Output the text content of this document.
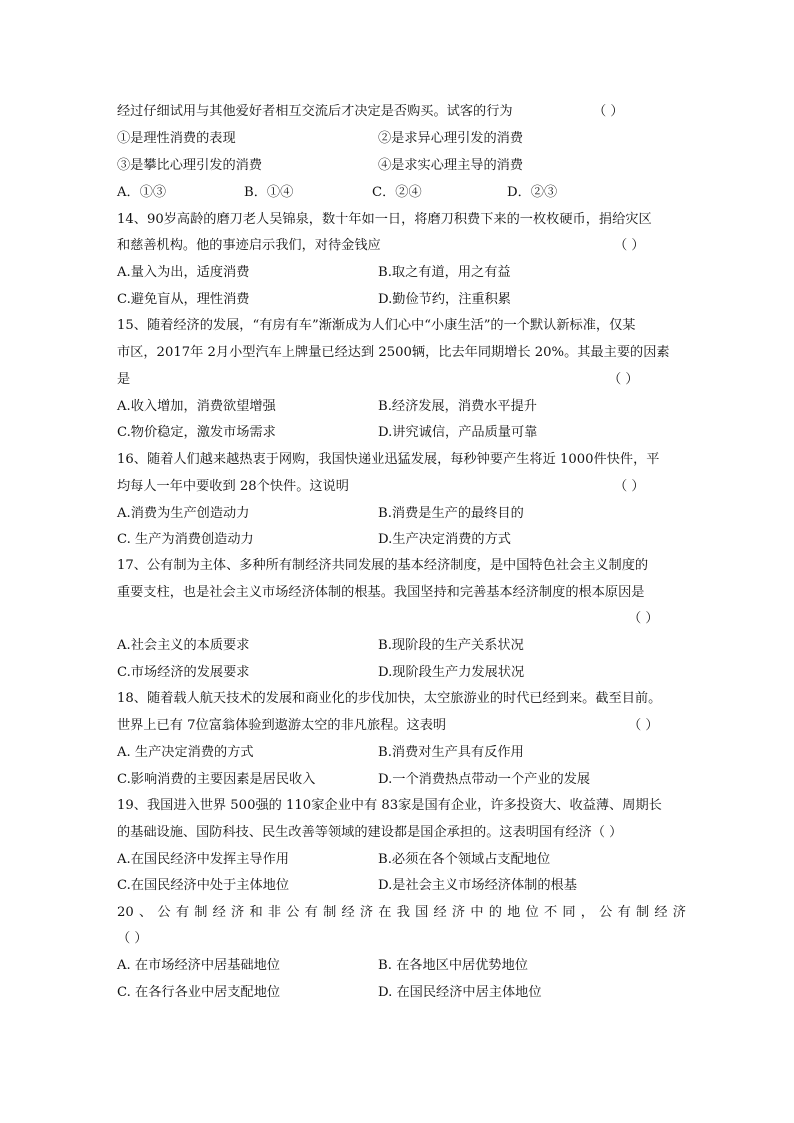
经过仔细试用与其他爱好者相互交流后才决定是否购买。试客的行为	（ ）
①是理性消费的表现	②是求异心理引发的消费
③是攀比心理引发的消费	④是求实心理主导的消费
A．①③	B．①④	C．②④	D．②③
14、90岁高龄的磨刀老人吴锦泉，数十年如一日，将磨刀积费下来的一枚枚硬币，捐给灾区
和慈善机构。他的事迹启示我们，对待金钱应	（ ）
A.量入为出，适度消费	B.取之有道，用之有益
C.避免盲从，理性消费	D.勤俭节约，注重积累
15、随着经济的发展，“有房有车”渐渐成为人们心中“小康生活”的一个默认新标准，仅某
市区，2017年 2月小型汽车上牌量已经达到 2500辆，比去年同期增长 20%。其最主要的因素
是	（ ）
A.收入增加，消费欲望增强	B.经济发展，消费水平提升
C.物价稳定，激发市场需求	D.讲究诚信，产品质量可靠
16、随着人们越来越热衷于网购，我国快递业迅猛发展，每秒钟要产生将近 1000件快件，平
均每人一年中要收到 28个快件。这说明	（ ）
A.消费为生产创造动力	B.消费是生产的最终目的
C. 生产为消费创造动力	D.生产决定消费的方式
17、公有制为主体、多种所有制经济共同发展的基本经济制度，是中国特色社会主义制度的
重要支柱，也是社会主义市场经济体制的根基。我国坚持和完善基本经济制度的根本原因是
（ ）
A.社会主义的本质要求	B.现阶段的生产关系状况
C.市场经济的发展要求	D.现阶段生产力发展状况
18、随着载人航天技术的发展和商业化的步伐加快，太空旅游业的时代已经到来。截至目前。
世界上已有 7位富翁体验到遨游太空的非凡旅程。这表明	（ ）
A. 生产决定消费的方式	B.消费对生产具有反作用
C.影响消费的主要因素是居民收入	D.一个消费热点带动一个产业的发展
19、我国进入世界 500强的 110家企业中有 83家是国有企业，许多投资大、收益薄、周期长
的基础设施、国防科技、民生改善等领域的建设都是国企承担的。这表明国有经济（ ）
A.在国民经济中发挥主导作用	B.必须在各个领域占支配地位
C.在国民经济中处于主体地位	D.是社会主义市场经济体制的根基
20、公有制经济和非公有制经济在我国经济中的地位不同，公有制经济
（ ）
A. 在市场经济中居基础地位	B. 在各地区中居优势地位
C. 在各行各业中居支配地位	D. 在国民经济中居主体地位
